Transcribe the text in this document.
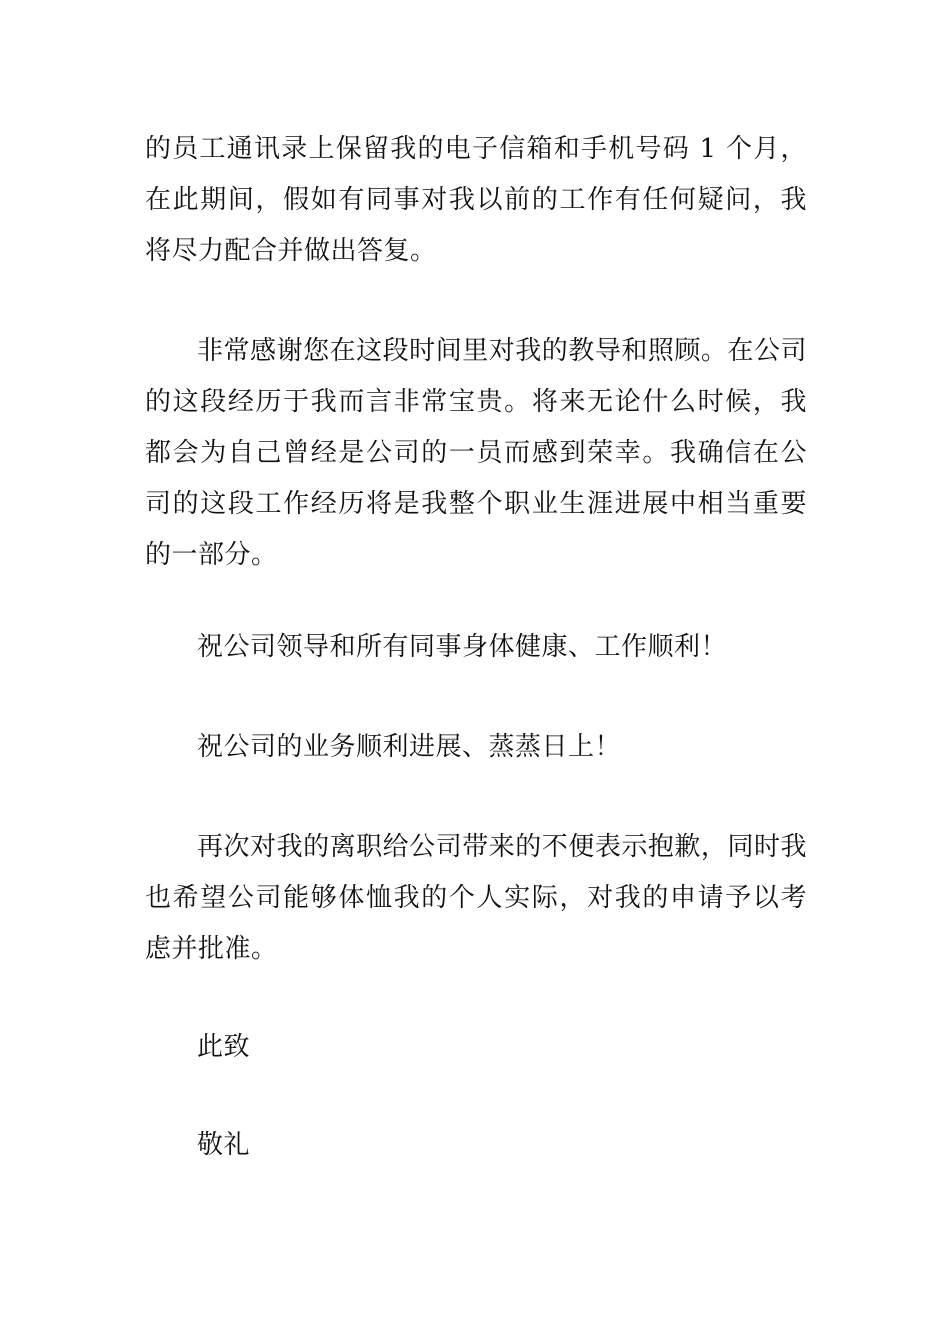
的员工通讯录上保留我的电子信箱和手机号码 1 个月，在此期间，假如有同事对我以前的工作有任何疑问，我将尽力配合并做出答复。

非常感谢您在这段时间里对我的教导和照顾。在公司的这段经历于我而言非常宝贵。将来无论什么时候，我都会为自己曾经是公司的一员而感到荣幸。我确信在公司的这段工作经历将是我整个职业生涯进展中相当重要的一部分。

祝公司领导和所有同事身体健康、工作顺利！

祝公司的业务顺利进展、蒸蒸日上！

再次对我的离职给公司带来的不便表示抱歉，同时我也希望公司能够体恤我的个人实际，对我的申请予以考虑并批准。

此致

敬礼
